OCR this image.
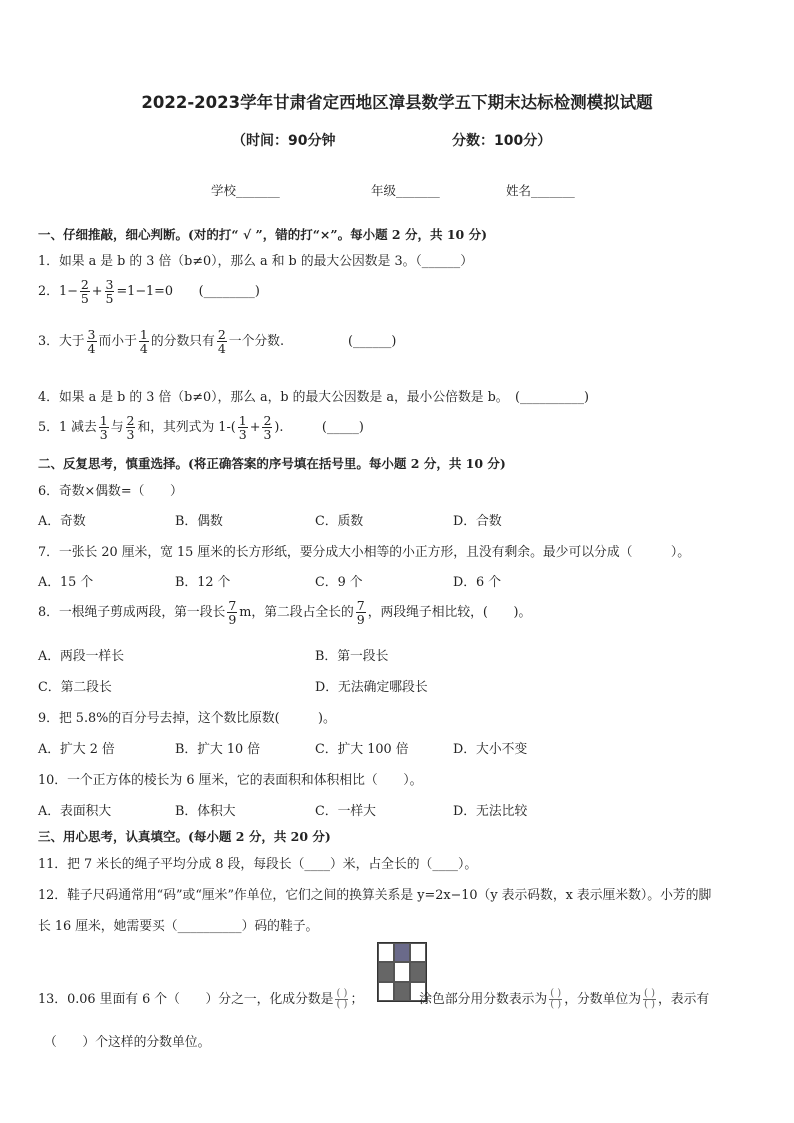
2022-2023学年甘肃省定西地区漳县数学五下期末达标检测模拟试题
（时间：90分钟	分数：100分）
学校_______	年级_______	姓名_______
一、仔细推敲，细心判断。(对的打“ √ ”，错的打“×”。每小题 2 分，共 10 分)
1．如果 a 是 b 的 3 倍（b≠0），那么 a 和 b 的最大公因数是 3。（______）
2．$1- \frac{2}{5} + \frac{3}{5} =1-1=0$　　(________)
3．大于 $\frac{3}{4}$ 而小于 $\frac{1}{4}$ 的分数只有 $\frac{2}{4}$ 一个分数.　　　　　(______)
4．如果 a 是 b 的 3 倍（b≠0），那么 a，b 的最大公因数是 a，最小公倍数是 b。　(__________)
5．1 减去 $\frac{1}{3}$ 与 $\frac{2}{3}$ 和，其列式为 $1-( \frac{1}{3} + \frac{2}{3}$ ).　　　(_____)
二、反复思考，慎重选择。(将正确答案的序号填在括号里。每小题 2 分，共 10 分)
6．奇数×偶数=（　　）
A．奇数	B．偶数	C．质数	D．合数
7．一张长 20 厘米，宽 15 厘米的长方形纸，要分成大小相等的小正方形，且没有剩余。最少可以分成（　　　）。
A．15 个	B．12 个	C．9 个	D．6 个
8．一根绳子剪成两段，第一段长 $\frac{7}{9}$ m，第二段占全长的 $\frac{7}{9}$ ，两段绳子相比较，(　　)。
A．两段一样长	B．第一段长
C．第二段长	D．无法确定哪段长
9．把 5.8%的百分号去掉，这个数比原数(　　　)。
A．扩大 2 倍	B．扩大 10 倍	C．扩大 100 倍	D．大小不变
10．一个正方体的棱长为 6 厘米，它的表面积和体积相比（　　）。
A．表面积大	B．体积大	C．一样大	D．无法比较
三、用心思考，认真填空。(每小题 2 分，共 20 分)
11．把 7 米长的绳子平均分成 8 段，每段长（____）米，占全长的（____）。
12．鞋子尺码通常用“码”或“厘米”作单位，它们之间的换算关系是 y=2x−10（y 表示码数，x 表示厘米数）。小芳的脚
长 16 厘米，她需要买（__________）码的鞋子。
13．0.06 里面有 6 个（　　）分之一，化成分数是 $\frac{( )}{( )}$ ；	涂色部分用分数表示为 $\frac{( )}{( )}$ ，分数单位为 $\frac{( )}{( )}$ ，表示有
（　　）个这样的分数单位。
